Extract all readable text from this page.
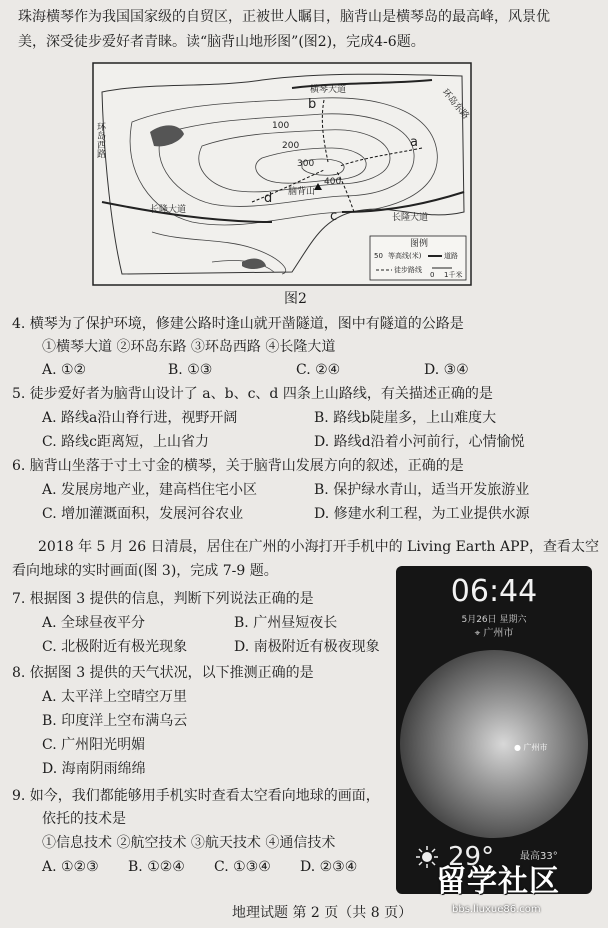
珠海横琴作为我国国家级的自贸区，正被世人瞩目，脑背山是横琴岛的最高峰，风景优
美，深受徒步爱好者青睐。读“脑背山地形图”(图2)，完成4-6题。
横琴大道	环岛东路
环岛西路
长隆大道
长隆大道
b
a
c
d
100
200
300
400
脑背山
图例
50 等高线(米)	道路
徒步路线
0 1千米
图2
4. 横琴为了保护环境，修建公路时逢山就开凿隧道，图中有隧道的公路是
①横琴大道 ②环岛东路 ③环岛西路 ④长隆大道
A. ①②	B. ①③	C. ②④	D. ③④
5. 徒步爱好者为脑背山设计了 a、b、c、d 四条上山路线，有关描述正确的是
A. 路线a沿山脊行进，视野开阔	B. 路线b陡崖多，上山难度大
C. 路线c距离短，上山省力	D. 路线d沿着小河前行，心情愉悦
6. 脑背山坐落于寸土寸金的横琴，关于脑背山发展方向的叙述，正确的是
A. 发展房地产业，建高档住宅小区	B. 保护绿水青山，适当开发旅游业
C. 增加灌溉面积，发展河谷农业	D. 修建水利工程，为工业提供水源
2018 年 5 月 26 日清晨，居住在广州的小海打开手机中的 Living Earth APP，查看太空
看向地球的实时画面(图 3)，完成 7-9 题。
7. 根据图 3 提供的信息，判断下列说法正确的是
A. 全球昼夜平分	B. 广州昼短夜长
C. 北极附近有极光现象	D. 南极附近有极夜现象
8. 依据图 3 提供的天气状况，以下推测正确的是
A. 太平洋上空晴空万里
B. 印度洋上空布满乌云
C. 广州阳光明媚
D. 海南阴雨绵绵
9. 如今，我们都能够用手机实时查看太空看向地球的画面，
依托的技术是
①信息技术 ②航空技术 ③航天技术 ④通信技术
A. ①②③ B. ①②④ C. ①③④ D. ②③④
06:44
5月26日 星期六
⌖ 广州市
● 广州市
29°	最高33°
地理试题 第 2 页（共 8 页）
留学社区
bbs.liuxue86.com
